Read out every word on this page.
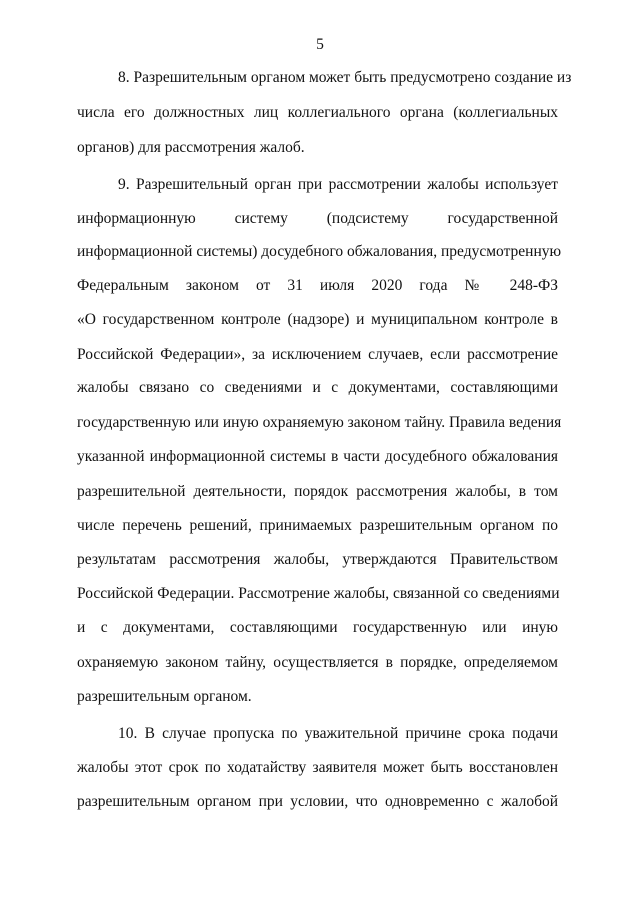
5
8. Разрешительным органом может быть предусмотрено создание из
числа его должностных лиц коллегиального органа (коллегиальных
органов) для рассмотрения жалоб.
9. Разрешительный орган при рассмотрении жалобы использует
информационную систему (подсистему государственной
информационной системы) досудебного обжалования, предусмотренную
Федеральным законом от 31 июля 2020 года № 248-ФЗ
«О государственном контроле (надзоре) и муниципальном контроле в
Российской Федерации», за исключением случаев, если рассмотрение
жалобы связано со сведениями и с документами, составляющими
государственную или иную охраняемую законом тайну. Правила ведения
указанной информационной системы в части досудебного обжалования
разрешительной деятельности, порядок рассмотрения жалобы, в том
числе перечень решений, принимаемых разрешительным органом по
результатам рассмотрения жалобы, утверждаются Правительством
Российской Федерации. Рассмотрение жалобы, связанной со сведениями
и с документами, составляющими государственную или иную
охраняемую законом тайну, осуществляется в порядке, определяемом
разрешительным органом.
10. В случае пропуска по уважительной причине срока подачи
жалобы этот срок по ходатайству заявителя может быть восстановлен
разрешительным органом при условии, что одновременно с жалобой
